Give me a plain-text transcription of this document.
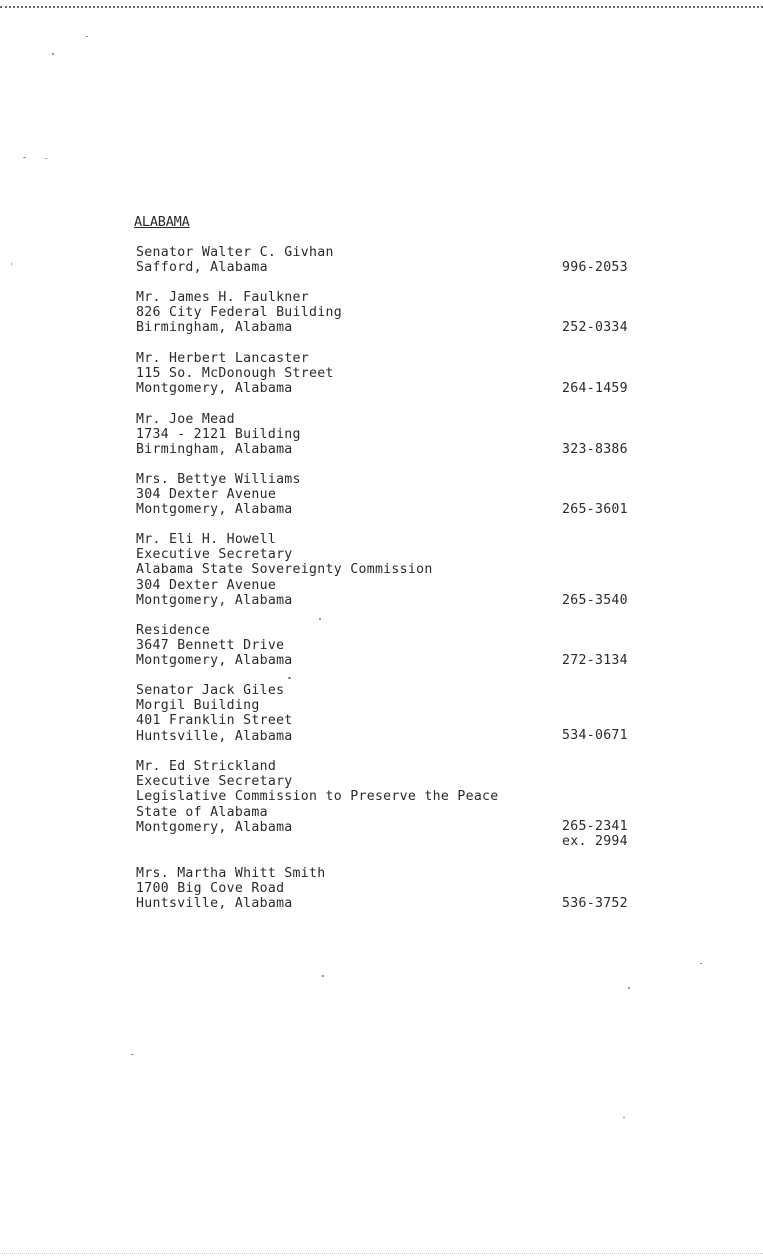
ALABAMA
Senator Walter C. Givhan
Safford, Alabama	996-2053
Mr. James H. Faulkner
826 City Federal Building
Birmingham, Alabama	252-0334
Mr. Herbert Lancaster
115 So. McDonough Street
Montgomery, Alabama	264-1459
Mr. Joe Mead
1734 - 2121 Building
Birmingham, Alabama	323-8386
Mrs. Bettye Williams
304 Dexter Avenue
Montgomery, Alabama	265-3601
Mr. Eli H. Howell
Executive Secretary
Alabama State Sovereignty Commission
304 Dexter Avenue
Montgomery, Alabama	265-3540
Residence
3647 Bennett Drive
Montgomery, Alabama	272-3134
Senator Jack Giles
Morgil Building
401 Franklin Street
Huntsville, Alabama	534-0671
Mr. Ed Strickland
Executive Secretary
Legislative Commission to Preserve the Peace
State of Alabama
Montgomery, Alabama	265-2341
ex. 2994
Mrs. Martha Whitt Smith
1700 Big Cove Road
Huntsville, Alabama	536-3752
